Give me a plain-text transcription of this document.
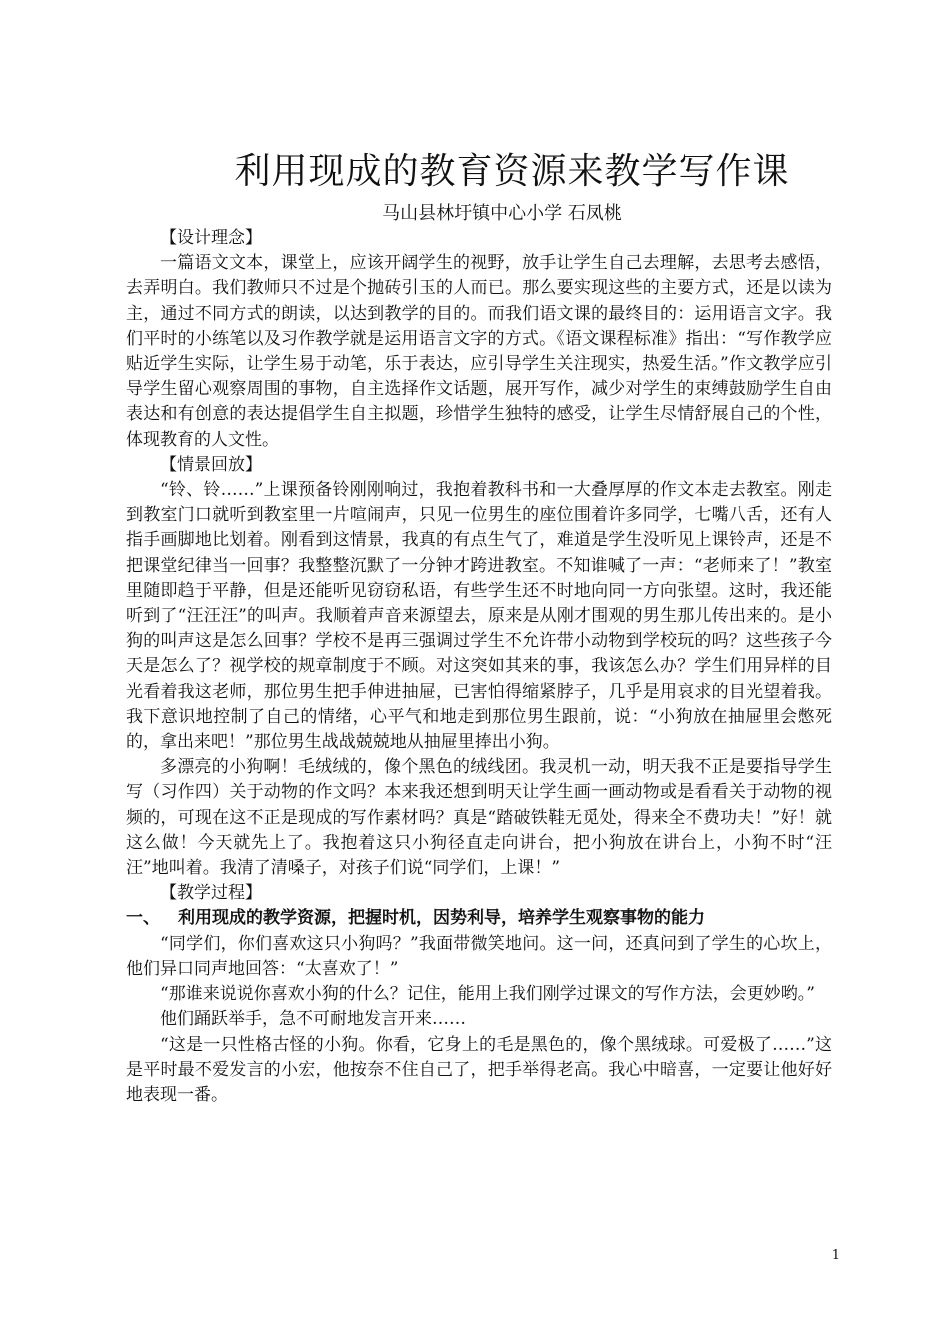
利用现成的教育资源来教学写作课
马山县林圩镇中心小学 石凤桃

【设计理念】

一篇语文文本，课堂上，应该开阔学生的视野，放手让学生自己去理解，去思考去感悟，去弄明白。我们教师只不过是个抛砖引玉的人而已。那么要实现这些的主要方式，还是以读为主，通过不同方式的朗读，以达到教学的目的。而我们语文课的最终目的：运用语言文字。我们平时的小练笔以及习作教学就是运用语言文字的方式。《语文课程标准》指出：“写作教学应贴近学生实际，让学生易于动笔，乐于表达，应引导学生关注现实，热爱生活。”作文教学应引导学生留心观察周围的事物，自主选择作文话题，展开写作，减少对学生的束缚鼓励学生自由表达和有创意的表达提倡学生自主拟题，珍惜学生独特的感受，让学生尽情舒展自己的个性，体现教育的人文性。

【情景回放】

“铃、铃……”上课预备铃刚刚响过，我抱着教科书和一大叠厚厚的作文本走去教室。刚走到教室门口就听到教室里一片喧闹声，只见一位男生的座位围着许多同学，七嘴八舌，还有人指手画脚地比划着。刚看到这情景，我真的有点生气了，难道是学生没听见上课铃声，还是不把课堂纪律当一回事？我整整沉默了一分钟才跨进教室。不知谁喊了一声：“老师来了！”教室里随即趋于平静，但是还能听见窃窃私语，有些学生还不时地向同一方向张望。这时，我还能听到了“汪汪汪”的叫声。我顺着声音来源望去，原来是从刚才围观的男生那儿传出来的。是小狗的叫声这是怎么回事？学校不是再三强调过学生不允许带小动物到学校玩的吗？这些孩子今天是怎么了？视学校的规章制度于不顾。对这突如其来的事，我该怎么办？学生们用异样的目光看着我这老师，那位男生把手伸进抽屉，已害怕得缩紧脖子，几乎是用哀求的目光望着我。我下意识地控制了自己的情绪，心平气和地走到那位男生跟前，说：“小狗放在抽屉里会憋死的，拿出来吧！”那位男生战战兢兢地从抽屉里捧出小狗。

多漂亮的小狗啊！毛绒绒的，像个黑色的绒线团。我灵机一动，明天我不正是要指导学生写（习作四）关于动物的作文吗？本来我还想到明天让学生画一画动物或是看看关于动物的视频的，可现在这不正是现成的写作素材吗？真是“踏破铁鞋无觅处，得来全不费功夫！”好！就这么做！今天就先上了。我抱着这只小狗径直走向讲台，把小狗放在讲台上，小狗不时“汪汪”地叫着。我清了清嗓子，对孩子们说“同学们，上课！”

【教学过程】

一、 利用现成的教学资源，把握时机，因势利导，培养学生观察事物的能力

“同学们，你们喜欢这只小狗吗？”我面带微笑地问。这一问，还真问到了学生的心坎上，他们异口同声地回答：“太喜欢了！”

“那谁来说说你喜欢小狗的什么？记住，能用上我们刚学过课文的写作方法，会更妙哟。”

他们踊跃举手，急不可耐地发言开来……

“这是一只性格古怪的小狗。你看，它身上的毛是黑色的，像个黑绒球。可爱极了……”这是平时最不爱发言的小宏，他按奈不住自己了，把手举得老高。我心中暗喜，一定要让他好好地表现一番。

1
